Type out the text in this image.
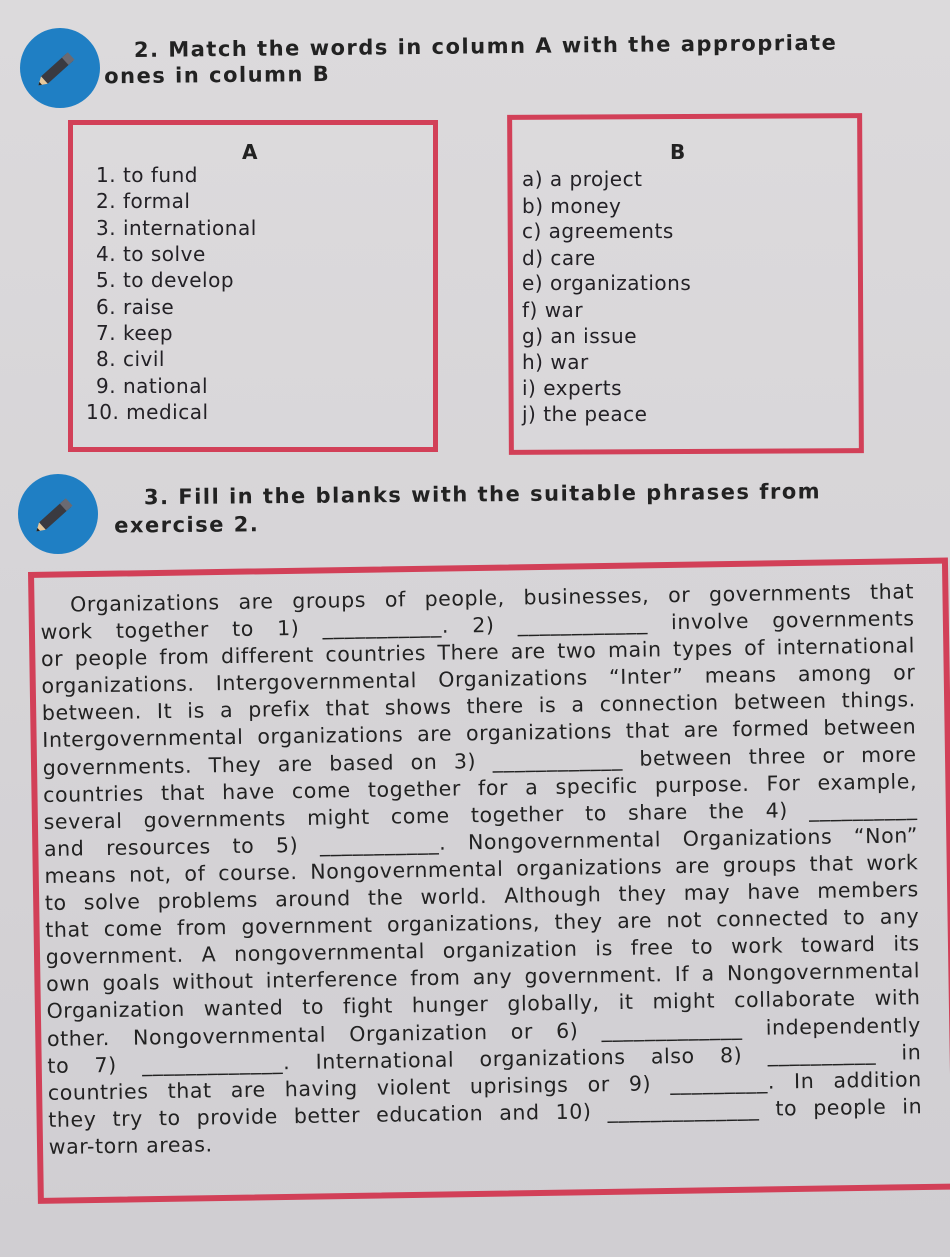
2. Match the words in column A with the appropriate
ones in column B
A
1. to fund
2. formal
3. international
4. to solve
5. to develop
6. raise
7. keep
8. civil
9. national
10. medical
B
a) a project
b) money
c) agreements
d) care
e) organizations
f) war
g) an issue
h) war
i) experts
j) the peace
3. Fill in the blanks with the suitable phrases from
exercise 2.
Organizations are groups of people, businesses, or governments that
work together to 1) ___________. 2) ____________ involve governments
or people from different countries There are two main types of international
organizations. Intergovernmental Organizations “Inter” means among or
between. It is a prefix that shows there is a connection between things.
Intergovernmental organizations are organizations that are formed between
governments. They are based on 3) ____________ between three or more
countries that have come together for a specific purpose. For example,
several governments might come together to share the 4) __________
and resources to 5) ___________. Nongovernmental Organizations “Non”
means not, of course. Nongovernmental organizations are groups that work
to solve problems around the world. Although they may have members
that come from government organizations, they are not connected to any
government. A nongovernmental organization is free to work toward its
own goals without interference from any government. If a Nongovernmental
Organization wanted to fight hunger globally, it might collaborate with
other. Nongovernmental Organization or 6) _____________ independently
to 7) _____________. International organizations also 8) __________ in
countries that are having violent uprisings or 9) _________. In addition
they try to provide better education and 10) ______________ to people in
war-torn areas.
